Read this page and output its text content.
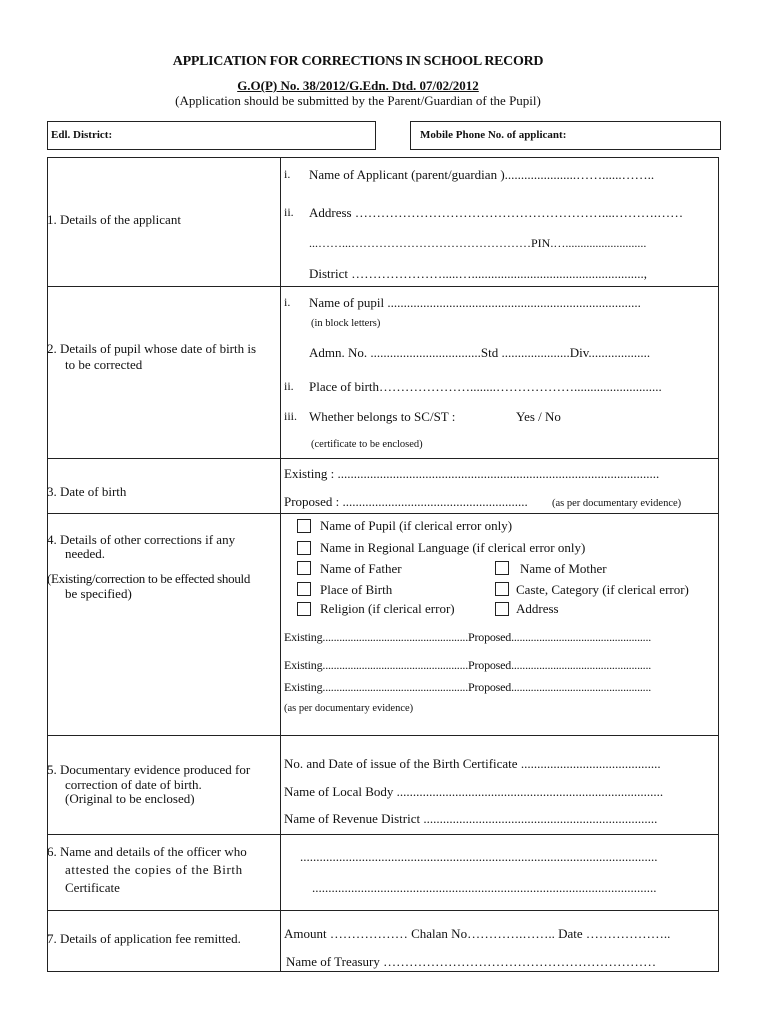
APPLICATION FOR CORRECTIONS IN SCHOOL RECORD
G.O(P) No. 38/2012/G.Edn. Dtd. 07/02/2012
(Application should be submitted by the Parent/Guardian of the Pupil)
Edl. District:	Mobile Phone No. of applicant:
1. Details of the applicant
i. Name of Applicant (parent/guardian )......................……......……..
ii. Address …………………………………………………....……….……
...……...………………………………………PIN.…...........................
District ………………….....….....................................................,
2. Details of pupil whose date of birth is
to be corrected
i. Name of pupil ..............................................................................
(in block letters)
Admn. No. ..................................Std .....................Div...................
ii. Place of birth…………………........………………...........................
iii. Whether belongs to SC/ST :	Yes / No
(certificate to be enclosed)
3. Date of birth
Existing : ...................................................................................................
Proposed : ......................................................... (as per documentary evidence)
4. Details of other corrections if any
needed.
(Existing/correction to be effected should
be specified)
Name of Pupil (if clerical error only)
Name in Regional Language (if clerical error only)
Name of Father	Name of Mother
Place of Birth	Caste, Category (if clerical error)
Religion (if clerical error)	Address
Existing....................................................Proposed..................................................
Existing....................................................Proposed..................................................
Existing....................................................Proposed..................................................
(as per documentary evidence)
5. Documentary evidence produced for
correction of date of birth.
(Original to be enclosed)
No. and Date of issue of the Birth Certificate ...........................................
Name of Local Body ..................................................................................
Name of Revenue District ........................................................................
6. Name and details of the officer who
attested the copies of the Birth
Certificate
..............................................................................................................
..........................................................................................................
7. Details of application fee remitted.	Amount ……………… Chalan No………….…….. Date ………………..
Name of Treasury ………………………………………………………
